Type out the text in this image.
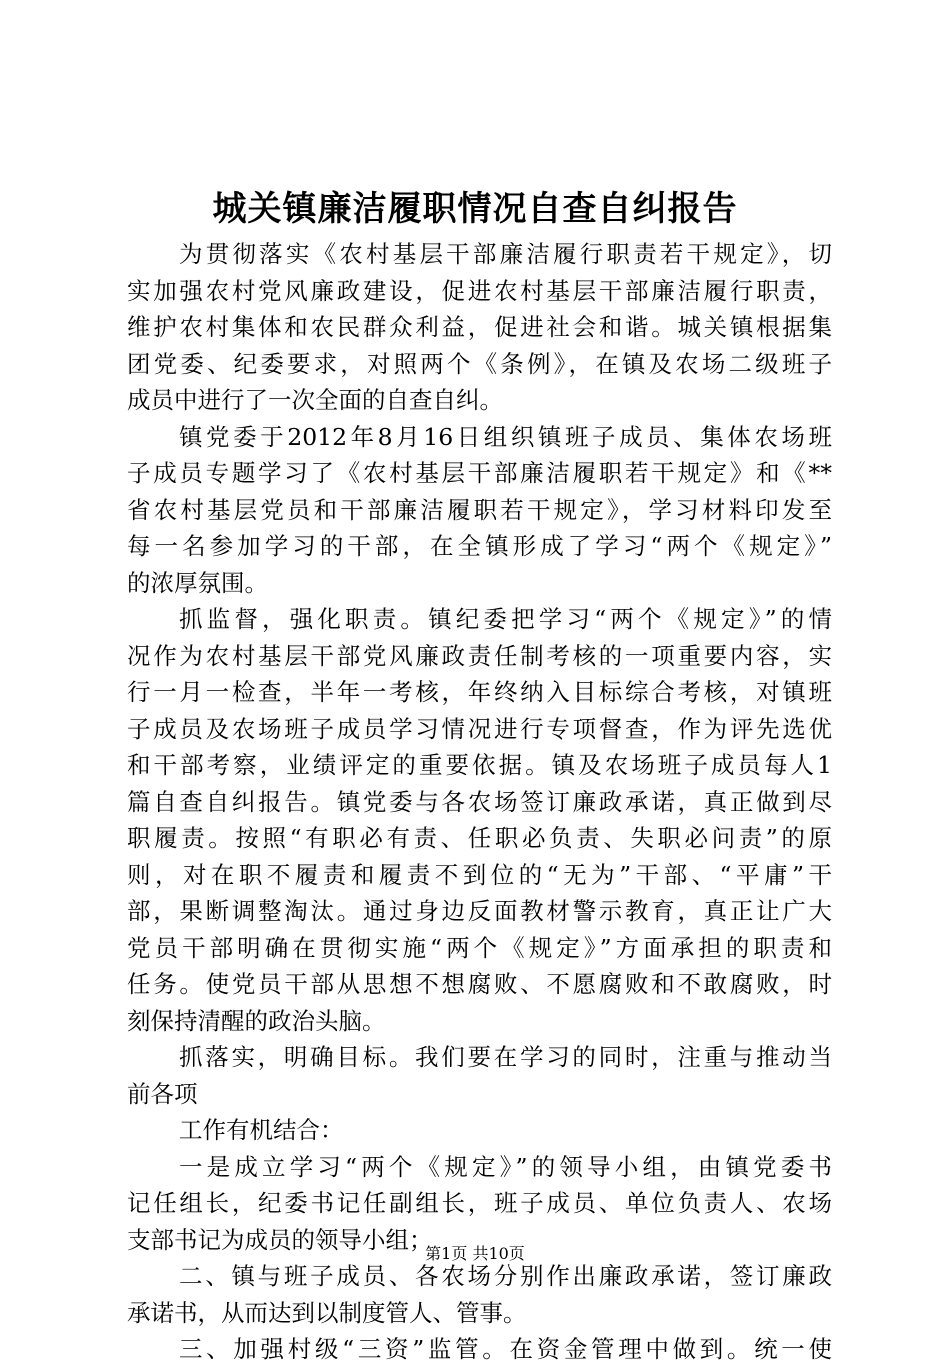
城关镇廉洁履职情况自查自纠报告
为贯彻落实《农村基层干部廉洁履行职责若干规定》，切
实加强农村党风廉政建设，促进农村基层干部廉洁履行职责，
维护农村集体和农民群众利益，促进社会和谐。城关镇根据集
团党委、纪委要求，对照两个《条例》，在镇及农场二级班子
成员中进行了一次全面的自查自纠。
镇党委于2012年8月16日组织镇班子成员、集体农场班
子成员专题学习了《农村基层干部廉洁履职若干规定》和《**
省农村基层党员和干部廉洁履职若干规定》，学习材料印发至
每一名参加学习的干部，在全镇形成了学习“两个《规定》”
的浓厚氛围。
抓监督，强化职责。镇纪委把学习“两个《规定》”的情
况作为农村基层干部党风廉政责任制考核的一项重要内容，实
行一月一检查，半年一考核，年终纳入目标综合考核，对镇班
子成员及农场班子成员学习情况进行专项督查，作为评先选优
和干部考察，业绩评定的重要依据。镇及农场班子成员每人1
篇自查自纠报告。镇党委与各农场签订廉政承诺，真正做到尽
职履责。按照“有职必有责、任职必负责、失职必问责”的原
则，对在职不履责和履责不到位的“无为”干部、“平庸”干
部，果断调整淘汰。通过身边反面教材警示教育，真正让广大
党员干部明确在贯彻实施“两个《规定》”方面承担的职责和
任务。使党员干部从思想不想腐败、不愿腐败和不敢腐败，时
刻保持清醒的政治头脑。
抓落实，明确目标。我们要在学习的同时，注重与推动当
前各项
工作有机结合：
一是成立学习“两个《规定》”的领导小组，由镇党委书
记任组长，纪委书记任副组长，班子成员、单位负责人、农场
支部书记为成员的领导小组；
二、镇与班子成员、各农场分别作出廉政承诺，签订廉政
承诺书，从而达到以制度管人、管事。
三、加强村级“三资”监管。在资金管理中做到。统一使
第1页 共10页
